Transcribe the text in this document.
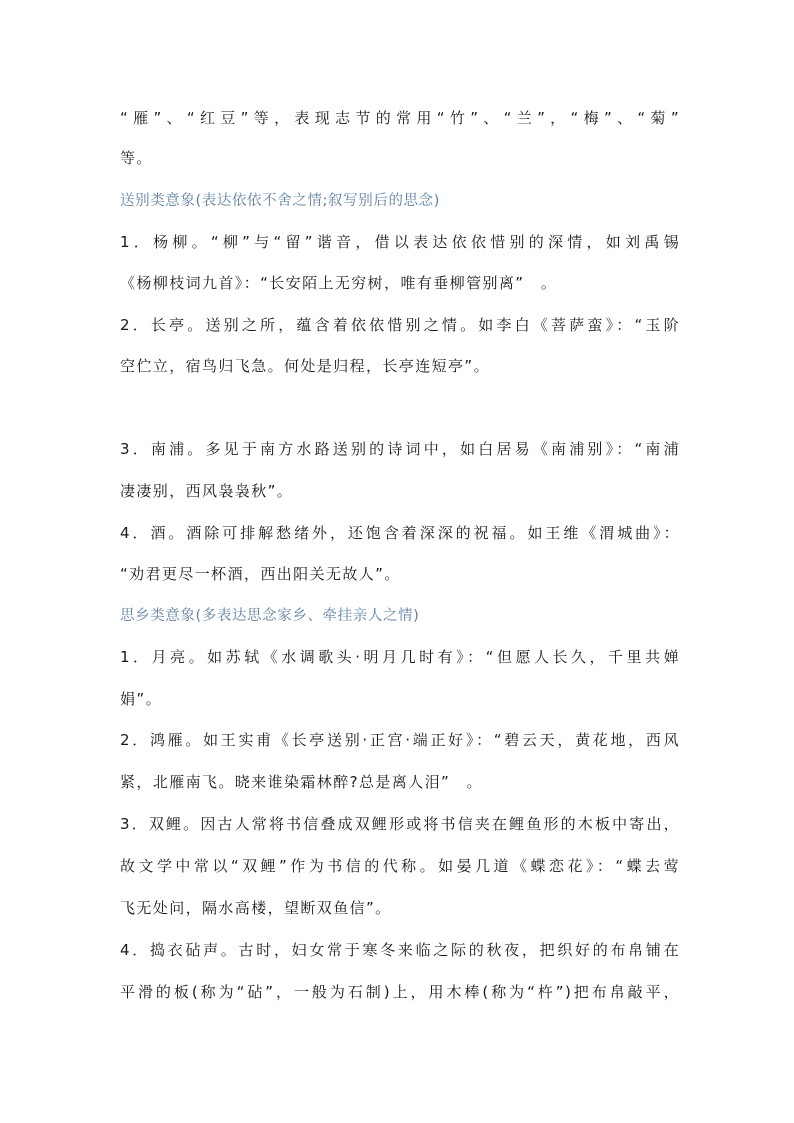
“雁”、“红豆”等，表现志节的常用“竹”、“兰”，“梅”、“菊”
等。
送别类意象(表达依依不舍之情;叙写别后的思念)
1．杨柳。“柳”与“留”谐音，借以表达依依惜别的深情，如刘禹锡
《杨柳枝词九首》：“长安陌上无穷树，唯有垂柳管别离”　。
2．长亭。送别之所，蕴含着依依惜别之情。如李白《菩萨蛮》：“玉阶
空伫立，宿鸟归飞急。何处是归程，长亭连短亭”。
3．南浦。多见于南方水路送别的诗词中，如白居易《南浦别》：“南浦
凄凄别，西风袅袅秋”。
4．酒。酒除可排解愁绪外，还饱含着深深的祝福。如王维《渭城曲》：
“劝君更尽一杯酒，西出阳关无故人”。
思乡类意象(多表达思念家乡、牵挂亲人之情)
1．月亮。如苏轼《水调歌头·明月几时有》：“但愿人长久，千里共婵
娟”。
2．鸿雁。如王实甫《长亭送别·正宫·端正好》：“碧云天，黄花地，西风
紧，北雁南飞。晓来谁染霜林醉?总是离人泪”　。
3．双鲤。因古人常将书信叠成双鲤形或将书信夹在鲤鱼形的木板中寄出，
故文学中常以“双鲤”作为书信的代称。如晏几道《蝶恋花》：“蝶去莺
飞无处问，隔水高楼，望断双鱼信”。
4．捣衣砧声。古时，妇女常于寒冬来临之际的秋夜，把织好的布帛铺在
平滑的板(称为“砧”，一般为石制)上，用木棒(称为“杵”)把布帛敲平，
